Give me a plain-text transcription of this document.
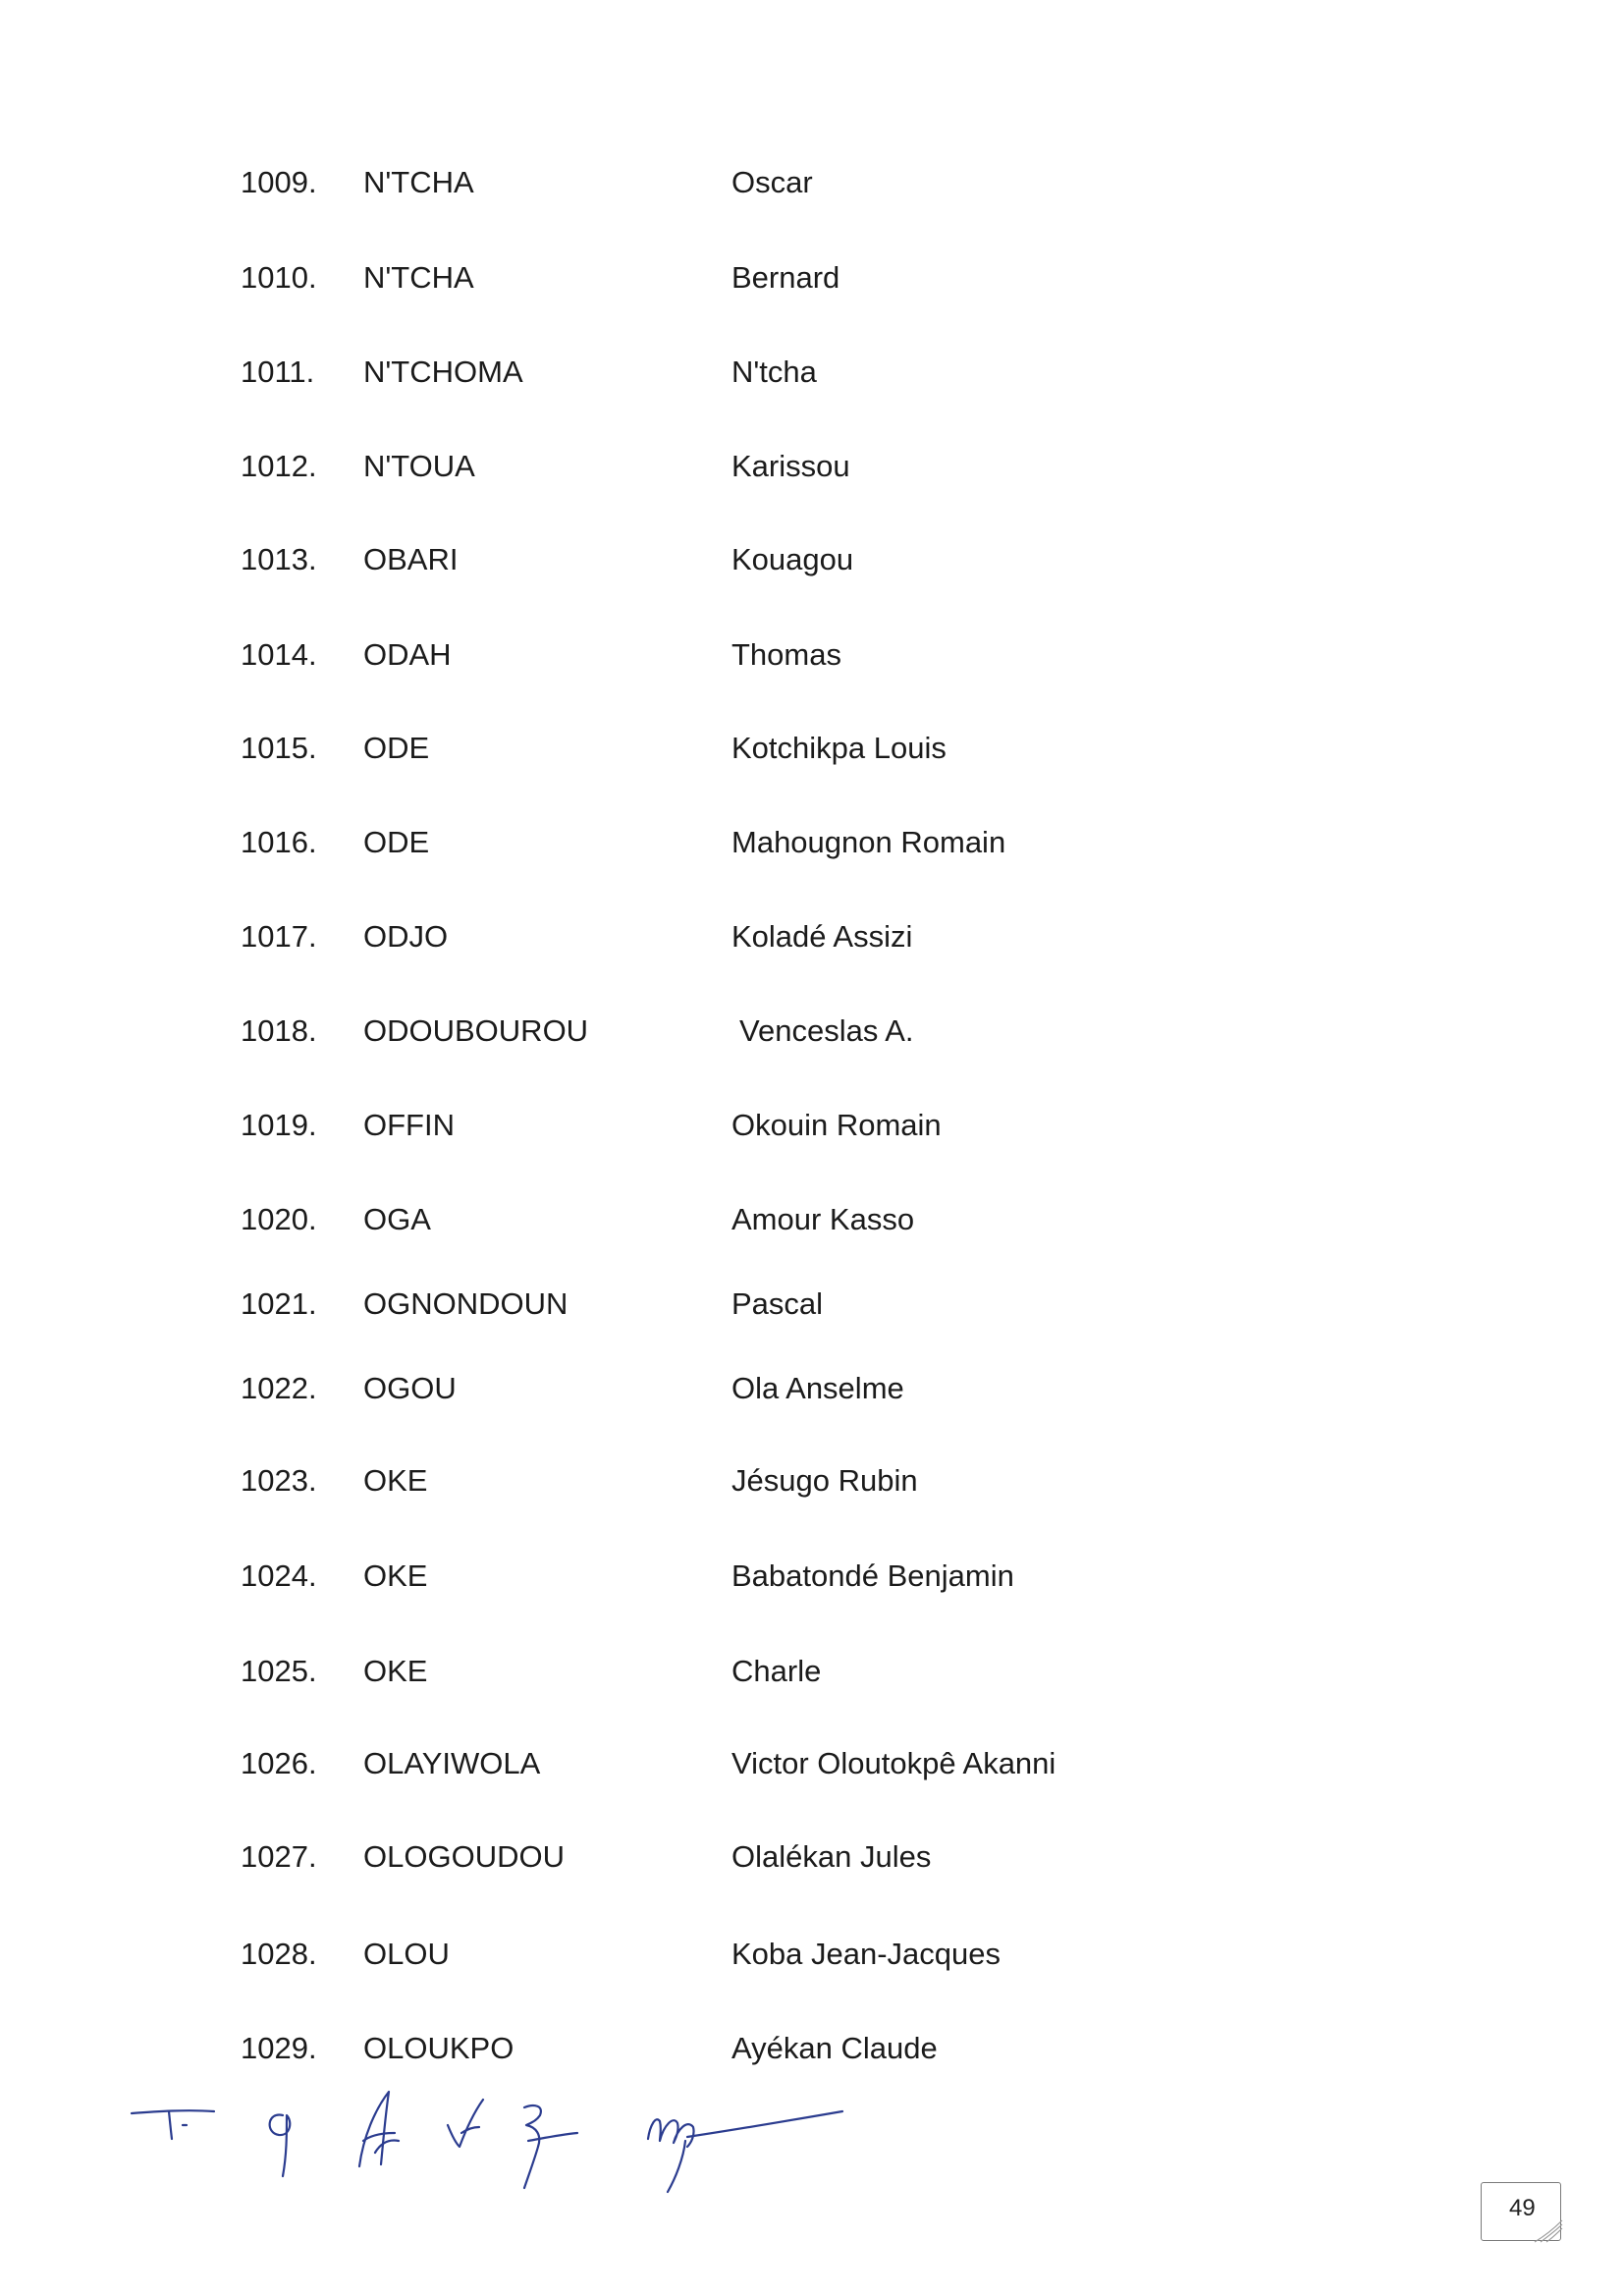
1009. N'TCHA	Oscar
1010. N'TCHA	Bernard
1011. N'TCHOMA	N'tcha
1012. N'TOUA	Karissou
1013. OBARI	Kouagou
1014. ODAH	Thomas
1015. ODE	Kotchikpa Louis
1016. ODE	Mahougnon Romain
1017. ODJO	Koladé Assizi
1018. ODOUBOUROU	Venceslas A.
1019. OFFIN	Okouin Romain
1020. OGA	Amour Kasso
1021. OGNONDOUN	Pascal
1022. OGOU	Ola Anselme
1023. OKE	Jésugo Rubin
1024. OKE	Babatondé Benjamin
1025. OKE	Charle
1026. OLAYIWOLA	Victor Oloutokpê Akanni
1027. OLOGOUDOU	Olalékan Jules
1028. OLOU	Koba Jean-Jacques
1029. OLOUKPO	Ayékan Claude
49
